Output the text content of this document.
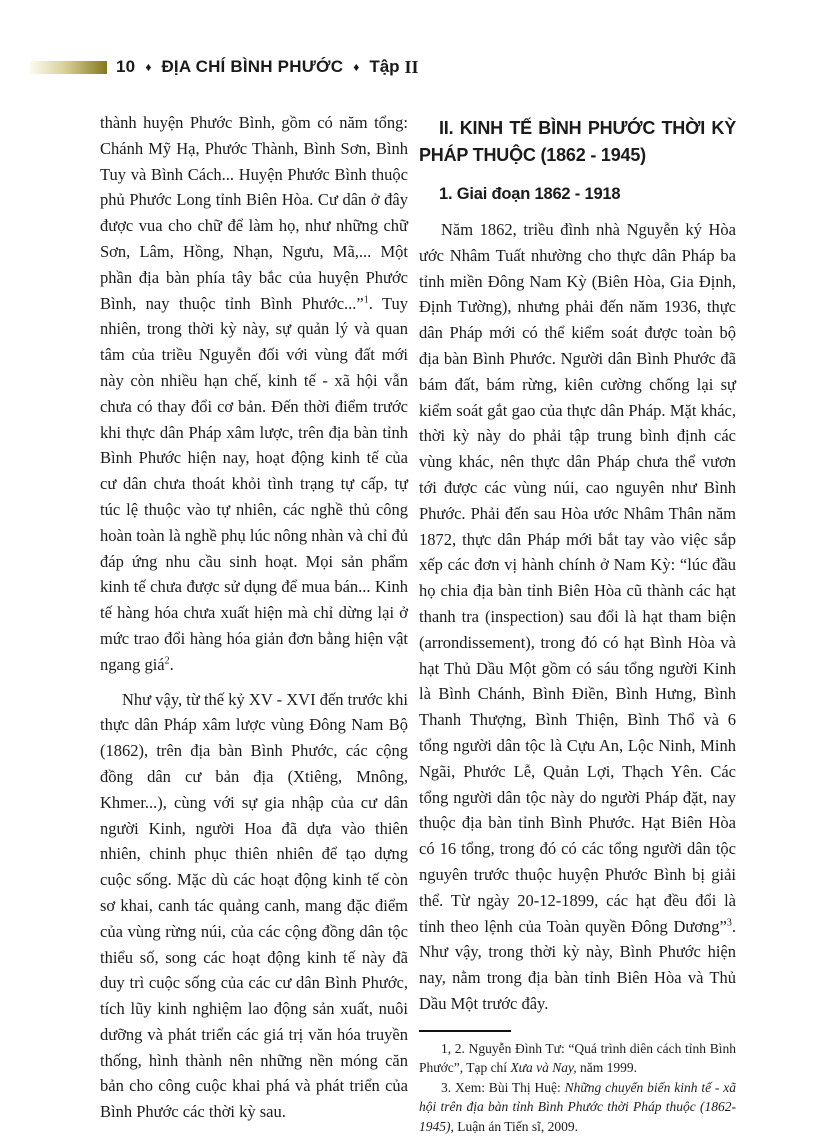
10 ♦ ĐỊA CHÍ BÌNH PHƯỚC ♦ Tập II

thành huyện Phước Bình, gồm có năm tổng: Chánh Mỹ Hạ, Phước Thành, Bình Sơn, Bình Tuy và Bình Cách... Huyện Phước Bình thuộc phủ Phước Long tỉnh Biên Hòa. Cư dân ở đây được vua cho chữ để làm họ, như những chữ Sơn, Lâm, Hồng, Nhạn, Ngưu, Mã,... Một phần địa bàn phía tây bắc của huyện Phước Bình, nay thuộc tỉnh Bình Phước...”$^1$. Tuy nhiên, trong thời kỳ này, sự quản lý và quan tâm của triều Nguyễn đối với vùng đất mới này còn nhiều hạn chế, kinh tế - xã hội vẫn chưa có thay đổi cơ bản. Đến thời điểm trước khi thực dân Pháp xâm lược, trên địa bàn tỉnh Bình Phước hiện nay, hoạt động kinh tế của cư dân chưa thoát khỏi tình trạng tự cấp, tự túc lệ thuộc vào tự nhiên, các nghề thủ công hoàn toàn là nghề phụ lúc nông nhàn và chỉ đủ đáp ứng nhu cầu sinh hoạt. Mọi sản phẩm kinh tế chưa được sử dụng để mua bán... Kinh tế hàng hóa chưa xuất hiện mà chỉ dừng lại ở mức trao đổi hàng hóa giản đơn bằng hiện vật ngang giá$^2$.

Như vậy, từ thế kỷ XV - XVI đến trước khi thực dân Pháp xâm lược vùng Đông Nam Bộ (1862), trên địa bàn Bình Phước, các cộng đồng dân cư bản địa (Xtiêng, Mnông, Khmer...), cùng với sự gia nhập của cư dân người Kinh, người Hoa đã dựa vào thiên nhiên, chinh phục thiên nhiên để tạo dựng cuộc sống. Mặc dù các hoạt động kinh tế còn sơ khai, canh tác quảng canh, mang đặc điểm của vùng rừng núi, của các cộng đồng dân tộc thiểu số, song các hoạt động kinh tế này đã duy trì cuộc sống của các cư dân Bình Phước, tích lũy kinh nghiệm lao động sản xuất, nuôi dưỡng và phát triển các giá trị văn hóa truyền thống, hình thành nên những nền móng căn bản cho công cuộc khai phá và phát triển của Bình Phước các thời kỳ sau.

II. KINH TẾ BÌNH PHƯỚC THỜI KỲ
PHÁP THUỘC (1862 - 1945)
1. Giai đoạn 1862 - 1918

Năm 1862, triều đình nhà Nguyễn ký Hòa ước Nhâm Tuất nhường cho thực dân Pháp ba tỉnh miền Đông Nam Kỳ (Biên Hòa, Gia Định, Định Tường), nhưng phải đến năm 1936, thực dân Pháp mới có thể kiểm soát được toàn bộ địa bàn Bình Phước. Người dân Bình Phước đã bám đất, bám rừng, kiên cường chống lại sự kiểm soát gắt gao của thực dân Pháp. Mặt khác, thời kỳ này do phải tập trung bình định các vùng khác, nên thực dân Pháp chưa thể vươn tới được các vùng núi, cao nguyên như Bình Phước. Phải đến sau Hòa ước Nhâm Thân năm 1872, thực dân Pháp mới bắt tay vào việc sắp xếp các đơn vị hành chính ở Nam Kỳ: “lúc đầu họ chia địa bàn tỉnh Biên Hòa cũ thành các hạt thanh tra (inspection) sau đổi là hạt tham biện (arrondissement), trong đó có hạt Bình Hòa và hạt Thủ Dầu Một gồm có sáu tổng người Kinh là Bình Chánh, Bình Điền, Bình Hưng, Bình Thanh Thượng, Bình Thiện, Bình Thổ và 6 tổng người dân tộc là Cựu An, Lộc Ninh, Minh Ngãi, Phước Lễ, Quản Lợi, Thạch Yên. Các tổng người dân tộc này do người Pháp đặt, nay thuộc địa bàn tỉnh Bình Phước. Hạt Biên Hòa có 16 tổng, trong đó có các tổng người dân tộc nguyên trước thuộc huyện Phước Bình bị giải thể. Từ ngày 20-12-1899, các hạt đều đổi là tỉnh theo lệnh của Toàn quyền Đông Dương”$^3$. Như vậy, trong thời kỳ này, Bình Phước hiện nay, nằm trong địa bàn tỉnh Biên Hòa và Thủ Dầu Một trước đây.

1, 2. Nguyễn Đình Tư: “Quá trình diên cách tỉnh Bình Phước”, Tạp chí Xưa và Nay, năm 1999.

3. Xem: Bùi Thị Huệ: Những chuyển biến kinh tế - xã hội trên địa bàn tỉnh Bình Phước thời Pháp thuộc (1862-1945), Luận án Tiến sĩ, 2009.
